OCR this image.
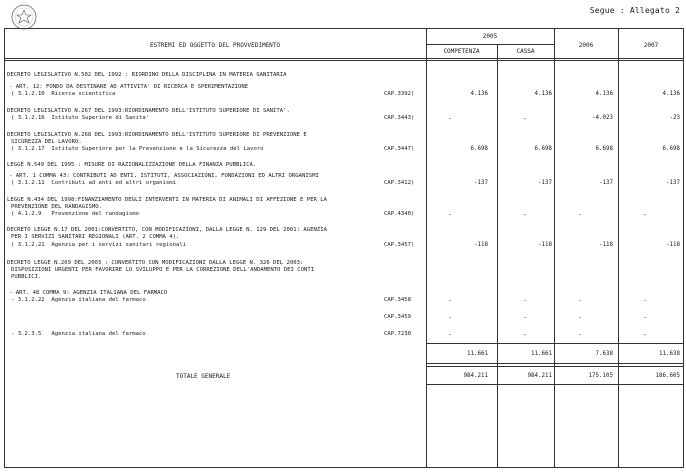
Segue : Allegato 2
ESTREMI ED OGGETTO DEL PROVVEDIMENTO
2005
COMPETENZA	CASSA
2006	2007
DECRETO LEGISLATIVO N.502 DEL 1992 : RIORDINO DELLA DISCIPLINA IN MATERIA SANITARIA
- ART. 12: FONDO DA DESTINARE AD ATTIVITA' DI RICERCA E SPERIMENTAZIONE
( 3.1.2.10  Ricerca scientifica	CAP.3392)	4.136	4.136	4.136	4.136
DECRETO LEGISLATIVO N.267 DEL 1993:RIORDINAMENTO DELL'ISTITUTO SUPERIORE DI SANITA'.
( 3.1.2.16  Istituto Superiore di Sanita'	CAP.3443)	-	-	-4.023	-23
DECRETO LEGISLATIVO N.268 DEL 1993:RIORDINAMENTO DELL'ISTITUTO SUPERIORE DI PREVENZIONE E
SICUREZZA DEL LAVORO.
( 3.1.2.17  Istituto Superiore per la Prevenzione e la Sicurezza del Lavoro	CAP.3447)	6.698	6.698	6.698	6.698
LEGGE N.549 DEL 1995 : MISURE DI RAZIONALIZZAZIONE DELLA FINANZA PUBBLICA.
- ART. 1 COMMA 43: CONTRIBUTI AD ENTI, ISTITUTI, ASSOCIAZIONI, FONDAZIONI ED ALTRI ORGANISMI
( 3.1.2.11  Contributi ad enti ed altri organismi	CAP.3412)	-137	-137	-137	-137
LEGGE N.434 DEL 1998:FINANZIAMENTO DEGLI INTERVENTI IN MATERIA DI ANIMALI DI AFFEZIONE E PER LA
PREVENZIONE DEL RANDAGISMO.
( 4.1.2.9   Prevenzione del randagismo	CAP.4340)	-	-	-	-
DECRETO LEGGE N.17 DEL 2001:CONVERTITO, CON MODIFICAZIONI, DALLA LEGGE N. 129 DEL 2001: AGENZIA
PER I SERVIZI SANITARI REGIONALI (ART. 2 COMMA 4).
( 3.1.2.21  Agenzia per i servizi sanitari regionali	CAP.3457)	-118	-118	-118	-118
DECRETO LEGGE N.269 DEL 2003 : CONVERTITO CON MODIFICAZIONI DALLA LEGGE N. 326 DEL 2003:
DISPOSIZIONI URGENTI PER FAVORIRE LO SVILUPPO E PER LA CORREZIONE DELL'ANDAMENTO DEI CONTI
PUBBLICI.
- ART. 48 COMMA 9: AGENZIA ITALIANA DEL FARMACO
- 3.1.2.22  Agenzia italiana del farmaco	CAP.3458	-	-	-	-
CAP.3459	-	-	-	-
- 3.2.3.5   Agenzia italiana del farmaco	CAP.7230	-	-	-	-
11.661	11.661	7.638	11.638
TOTALE GENERALE	984.211	984.211	175.105	186.605
